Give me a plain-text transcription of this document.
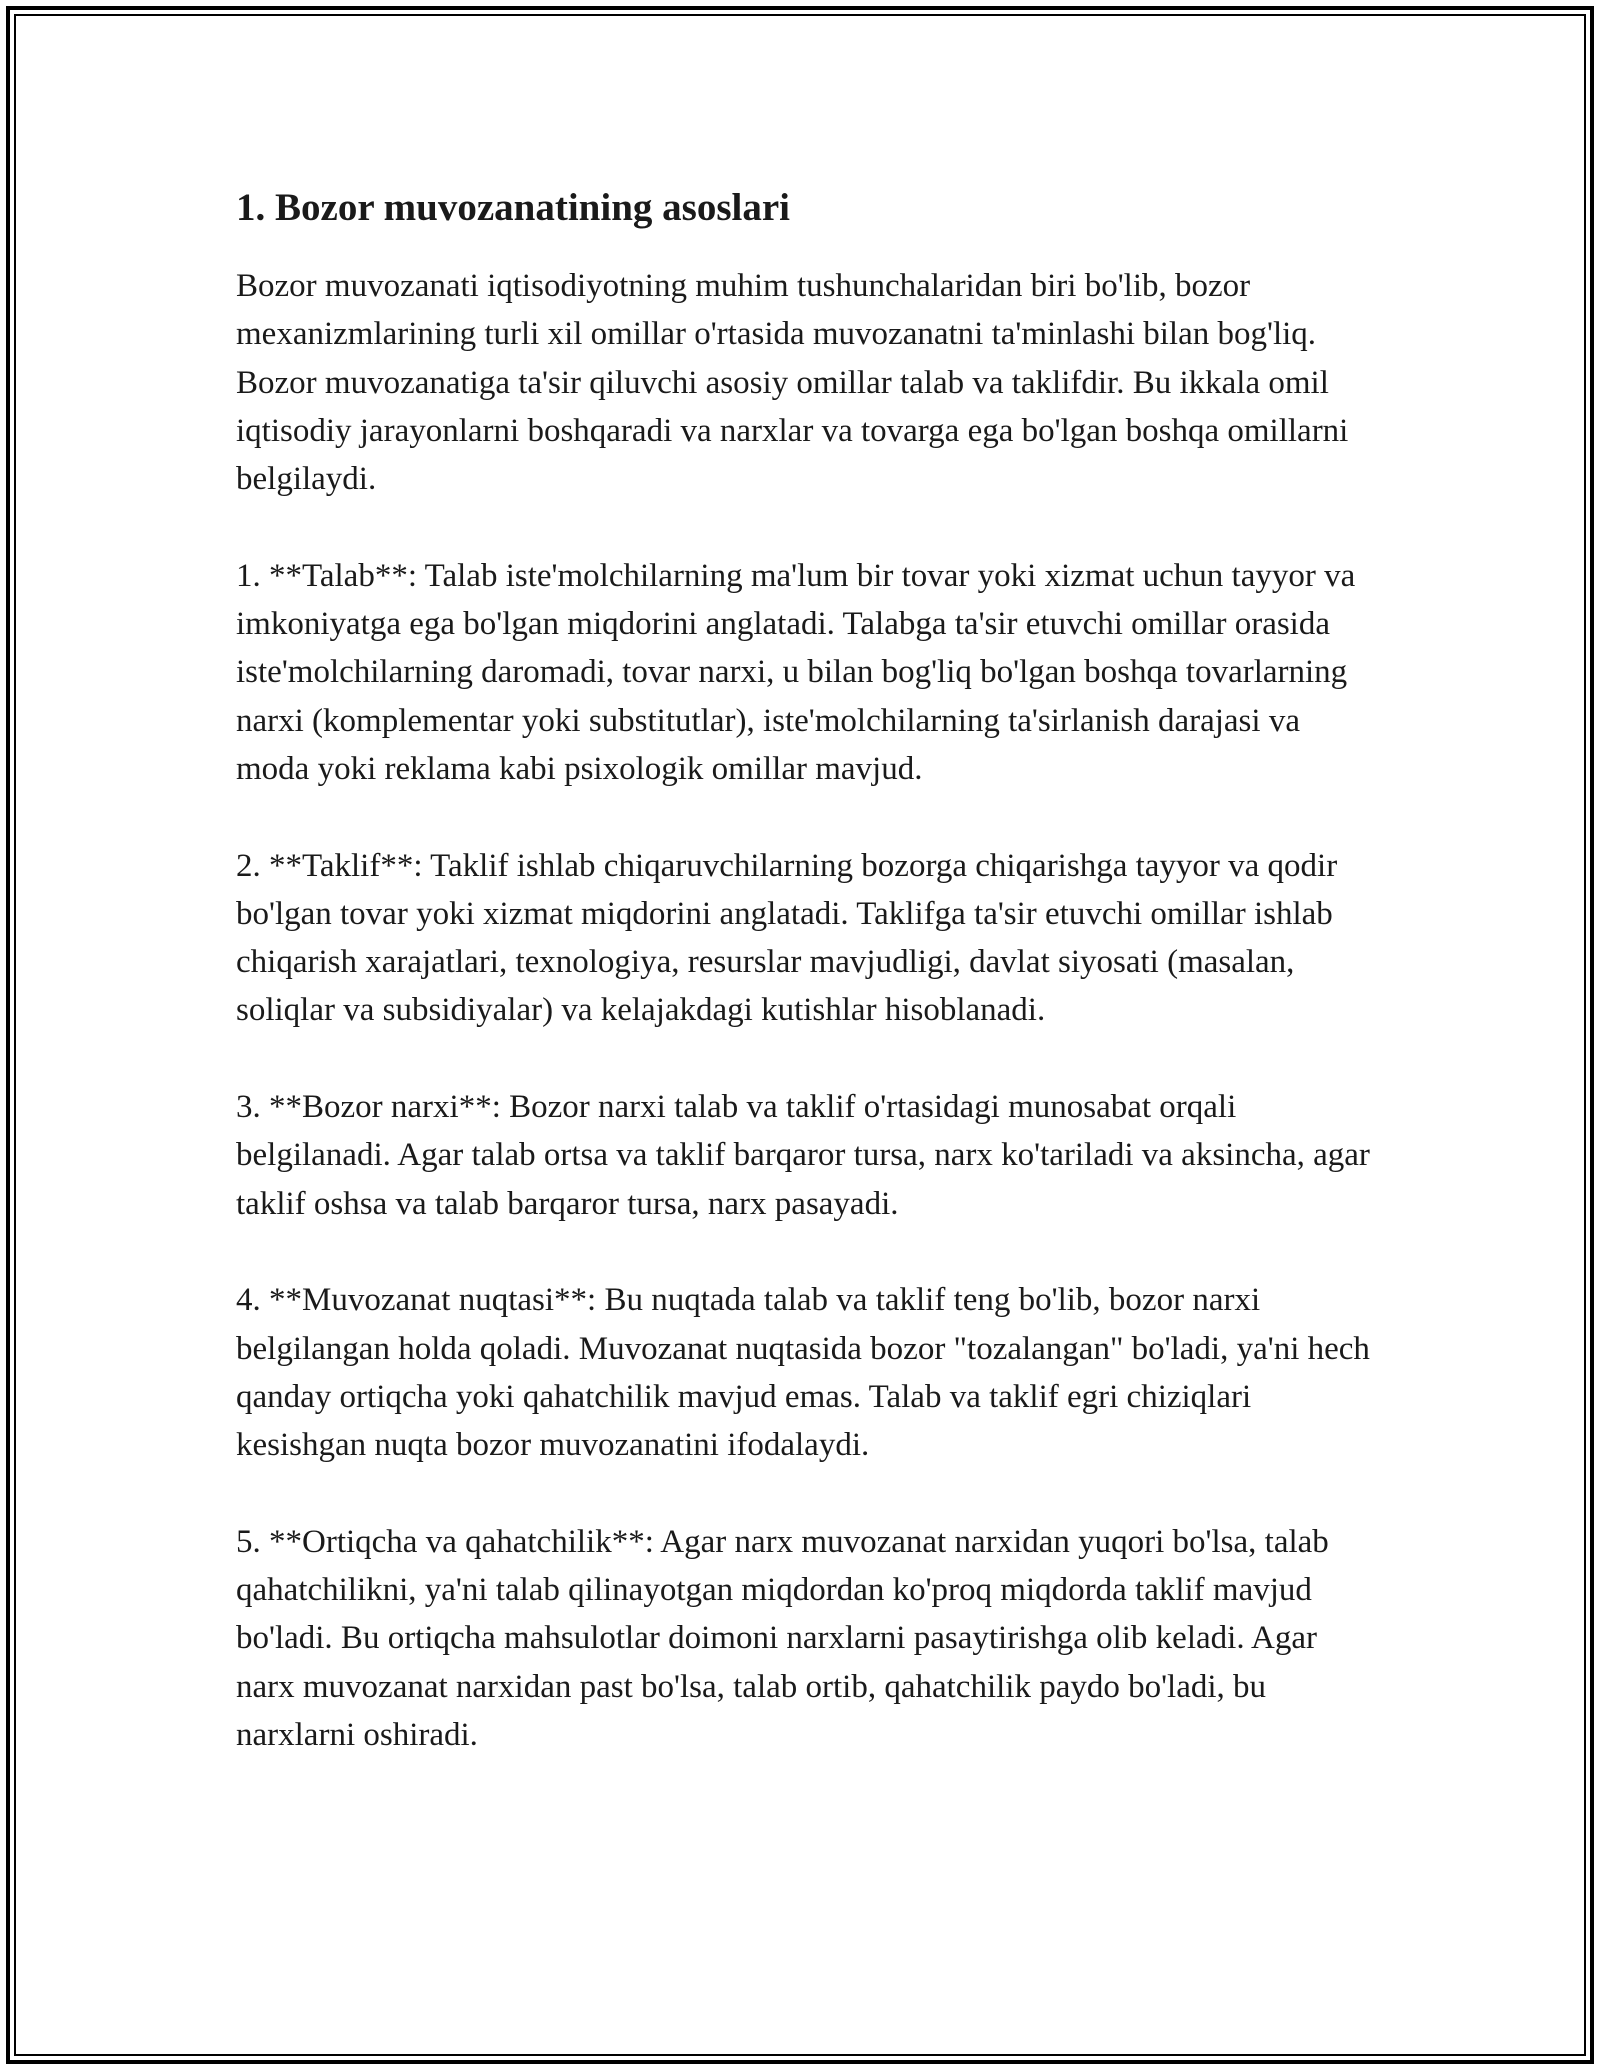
1. Bozor muvozanatining asoslari

Bozor muvozanati iqtisodiyotning muhim tushunchalaridan biri bo'lib, bozor mexanizmlarining turli xil omillar o'rtasida muvozanatni ta'minlashi bilan bog'liq. Bozor muvozanatiga ta'sir qiluvchi asosiy omillar talab va taklifdir. Bu ikkala omil iqtisodiy jarayonlarni boshqaradi va narxlar va tovarga ega bo'lgan boshqa omillarni belgilaydi.

1. **Talab**: Talab iste'molchilarning ma'lum bir tovar yoki xizmat uchun tayyor va imkoniyatga ega bo'lgan miqdorini anglatadi. Talabga ta'sir etuvchi omillar orasida iste'molchilarning daromadi, tovar narxi, u bilan bog'liq bo'lgan boshqa tovarlarning narxi (komplementar yoki substitutlar), iste'molchilarning ta'sirlanish darajasi va moda yoki reklama kabi psixologik omillar mavjud.

2. **Taklif**: Taklif ishlab chiqaruvchilarning bozorga chiqarishga tayyor va qodir bo'lgan tovar yoki xizmat miqdorini anglatadi. Taklifga ta'sir etuvchi omillar ishlab chiqarish xarajatlari, texnologiya, resurslar mavjudligi, davlat siyosati (masalan, soliqlar va subsidiyalar) va kelajakdagi kutishlar hisoblanadi.

3. **Bozor narxi**: Bozor narxi talab va taklif o'rtasidagi munosabat orqali belgilanadi. Agar talab ortsa va taklif barqaror tursa, narx ko'tariladi va aksincha, agar taklif oshsa va talab barqaror tursa, narx pasayadi.

4. **Muvozanat nuqtasi**: Bu nuqtada talab va taklif teng bo'lib, bozor narxi belgilangan holda qoladi. Muvozanat nuqtasida bozor "tozalangan" bo'ladi, ya'ni hech qanday ortiqcha yoki qahatchilik mavjud emas. Talab va taklif egri chiziqlari kesishgan nuqta bozor muvozanatini ifodalaydi.

5. **Ortiqcha va qahatchilik**: Agar narx muvozanat narxidan yuqori bo'lsa, talab qahatchilikni, ya'ni talab qilinayotgan miqdordan ko'proq miqdorda taklif mavjud bo'ladi. Bu ortiqcha mahsulotlar doimoni narxlarni pasaytirishga olib keladi. Agar narx muvozanat narxidan past bo'lsa, talab ortib, qahatchilik paydo bo'ladi, bu narxlarni oshiradi.
